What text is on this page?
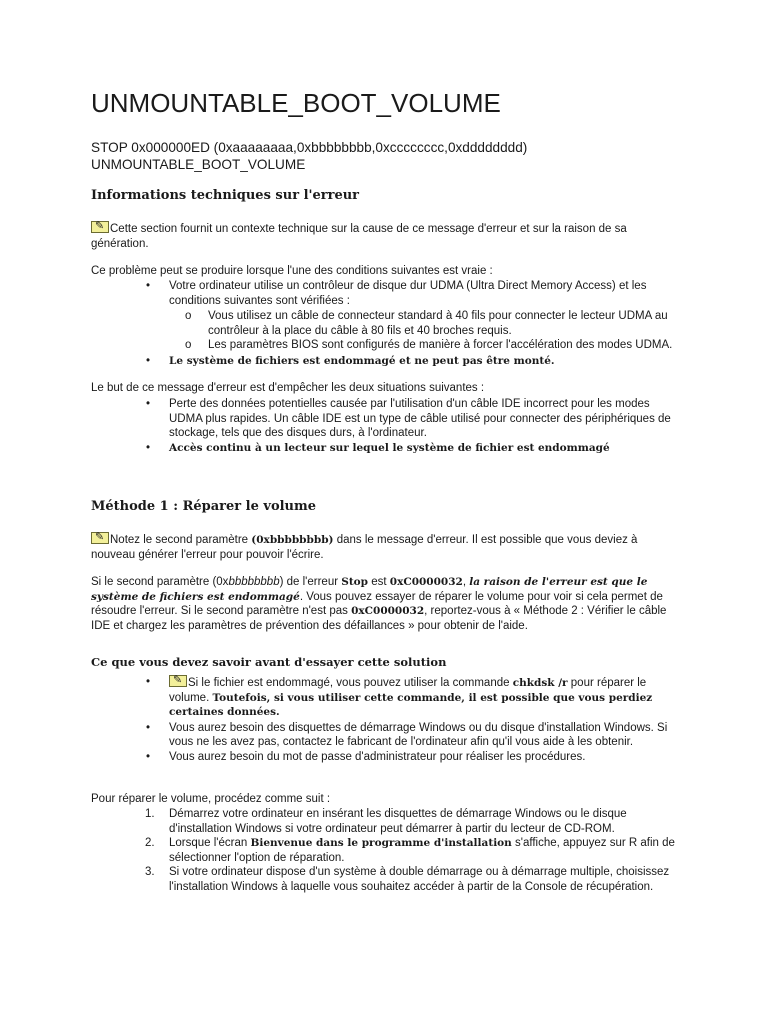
UNMOUNTABLE_BOOT_VOLUME
STOP 0x000000ED (0xaaaaaaaa,0xbbbbbbbb,0xcccccccc,0xdddddddd)
UNMOUNTABLE_BOOT_VOLUME
Informations techniques sur l'erreur

✎Cette section fournit un contexte technique sur la cause de ce message d'erreur et sur la raison de sa génération.

Ce problème peut se produire lorsque l'une des conditions suivantes est vraie :

• Votre ordinateur utilise un contrôleur de disque dur UDMA (Ultra Direct Memory Access) et les conditions suivantes sont vérifiées :
o Vous utilisez un câble de connecteur standard à 40 fils pour connecter le lecteur UDMA au contrôleur à la place du câble à 80 fils et 40 broches requis.
o Les paramètres BIOS sont configurés de manière à forcer l'accélération des modes UDMA.
• Le système de fichiers est endommagé et ne peut pas être monté.

Le but de ce message d'erreur est d'empêcher les deux situations suivantes :

• Perte des données potentielles causée par l'utilisation d'un câble IDE incorrect pour les modes UDMA plus rapides. Un câble IDE est un type de câble utilisé pour connecter des périphériques de stockage, tels que des disques durs, à l'ordinateur.
• Accès continu à un lecteur sur lequel le système de fichier est endommagé
Méthode 1 : Réparer le volume

✎Notez le second paramètre (0xbbbbbbbb) dans le message d'erreur. Il est possible que vous deviez à nouveau générer l'erreur pour pouvoir l'écrire.

Si le second paramètre (0xbbbbbbbb) de l'erreur Stop est 0xC0000032, la raison de l'erreur est que le système de fichiers est endommagé. Vous pouvez essayer de réparer le volume pour voir si cela permet de résoudre l'erreur. Si le second paramètre n'est pas 0xC0000032, reportez-vous à « Méthode 2 : Vérifier le câble IDE et chargez les paramètres de prévention des défaillances » pour obtenir de l'aide.

Ce que vous devez savoir avant d'essayer cette solution

•
✎	Si le fichier est endommagé, vous pouvez utiliser la commande chkdsk /r pour réparer le volume. Toutefois, si vous utiliser cette commande, il est possible que vous perdiez certaines données.
• Vous aurez besoin des disquettes de démarrage Windows ou du disque d'installation Windows. Si vous ne les avez pas, contactez le fabricant de l'ordinateur afin qu'il vous aide à les obtenir.
• Vous aurez besoin du mot de passe d'administrateur pour réaliser les procédures.

Pour réparer le volume, procédez comme suit :

1. Démarrez votre ordinateur en insérant les disquettes de démarrage Windows ou le disque d'installation Windows si votre ordinateur peut démarrer à partir du lecteur de CD-ROM.
2. Lorsque l'écran Bienvenue dans le programme d'installation s'affiche, appuyez sur R afin de sélectionner l'option de réparation.
3. Si votre ordinateur dispose d'un système à double démarrage ou à démarrage multiple, choisissez l'installation Windows à laquelle vous souhaitez accéder à partir de la Console de récupération.
